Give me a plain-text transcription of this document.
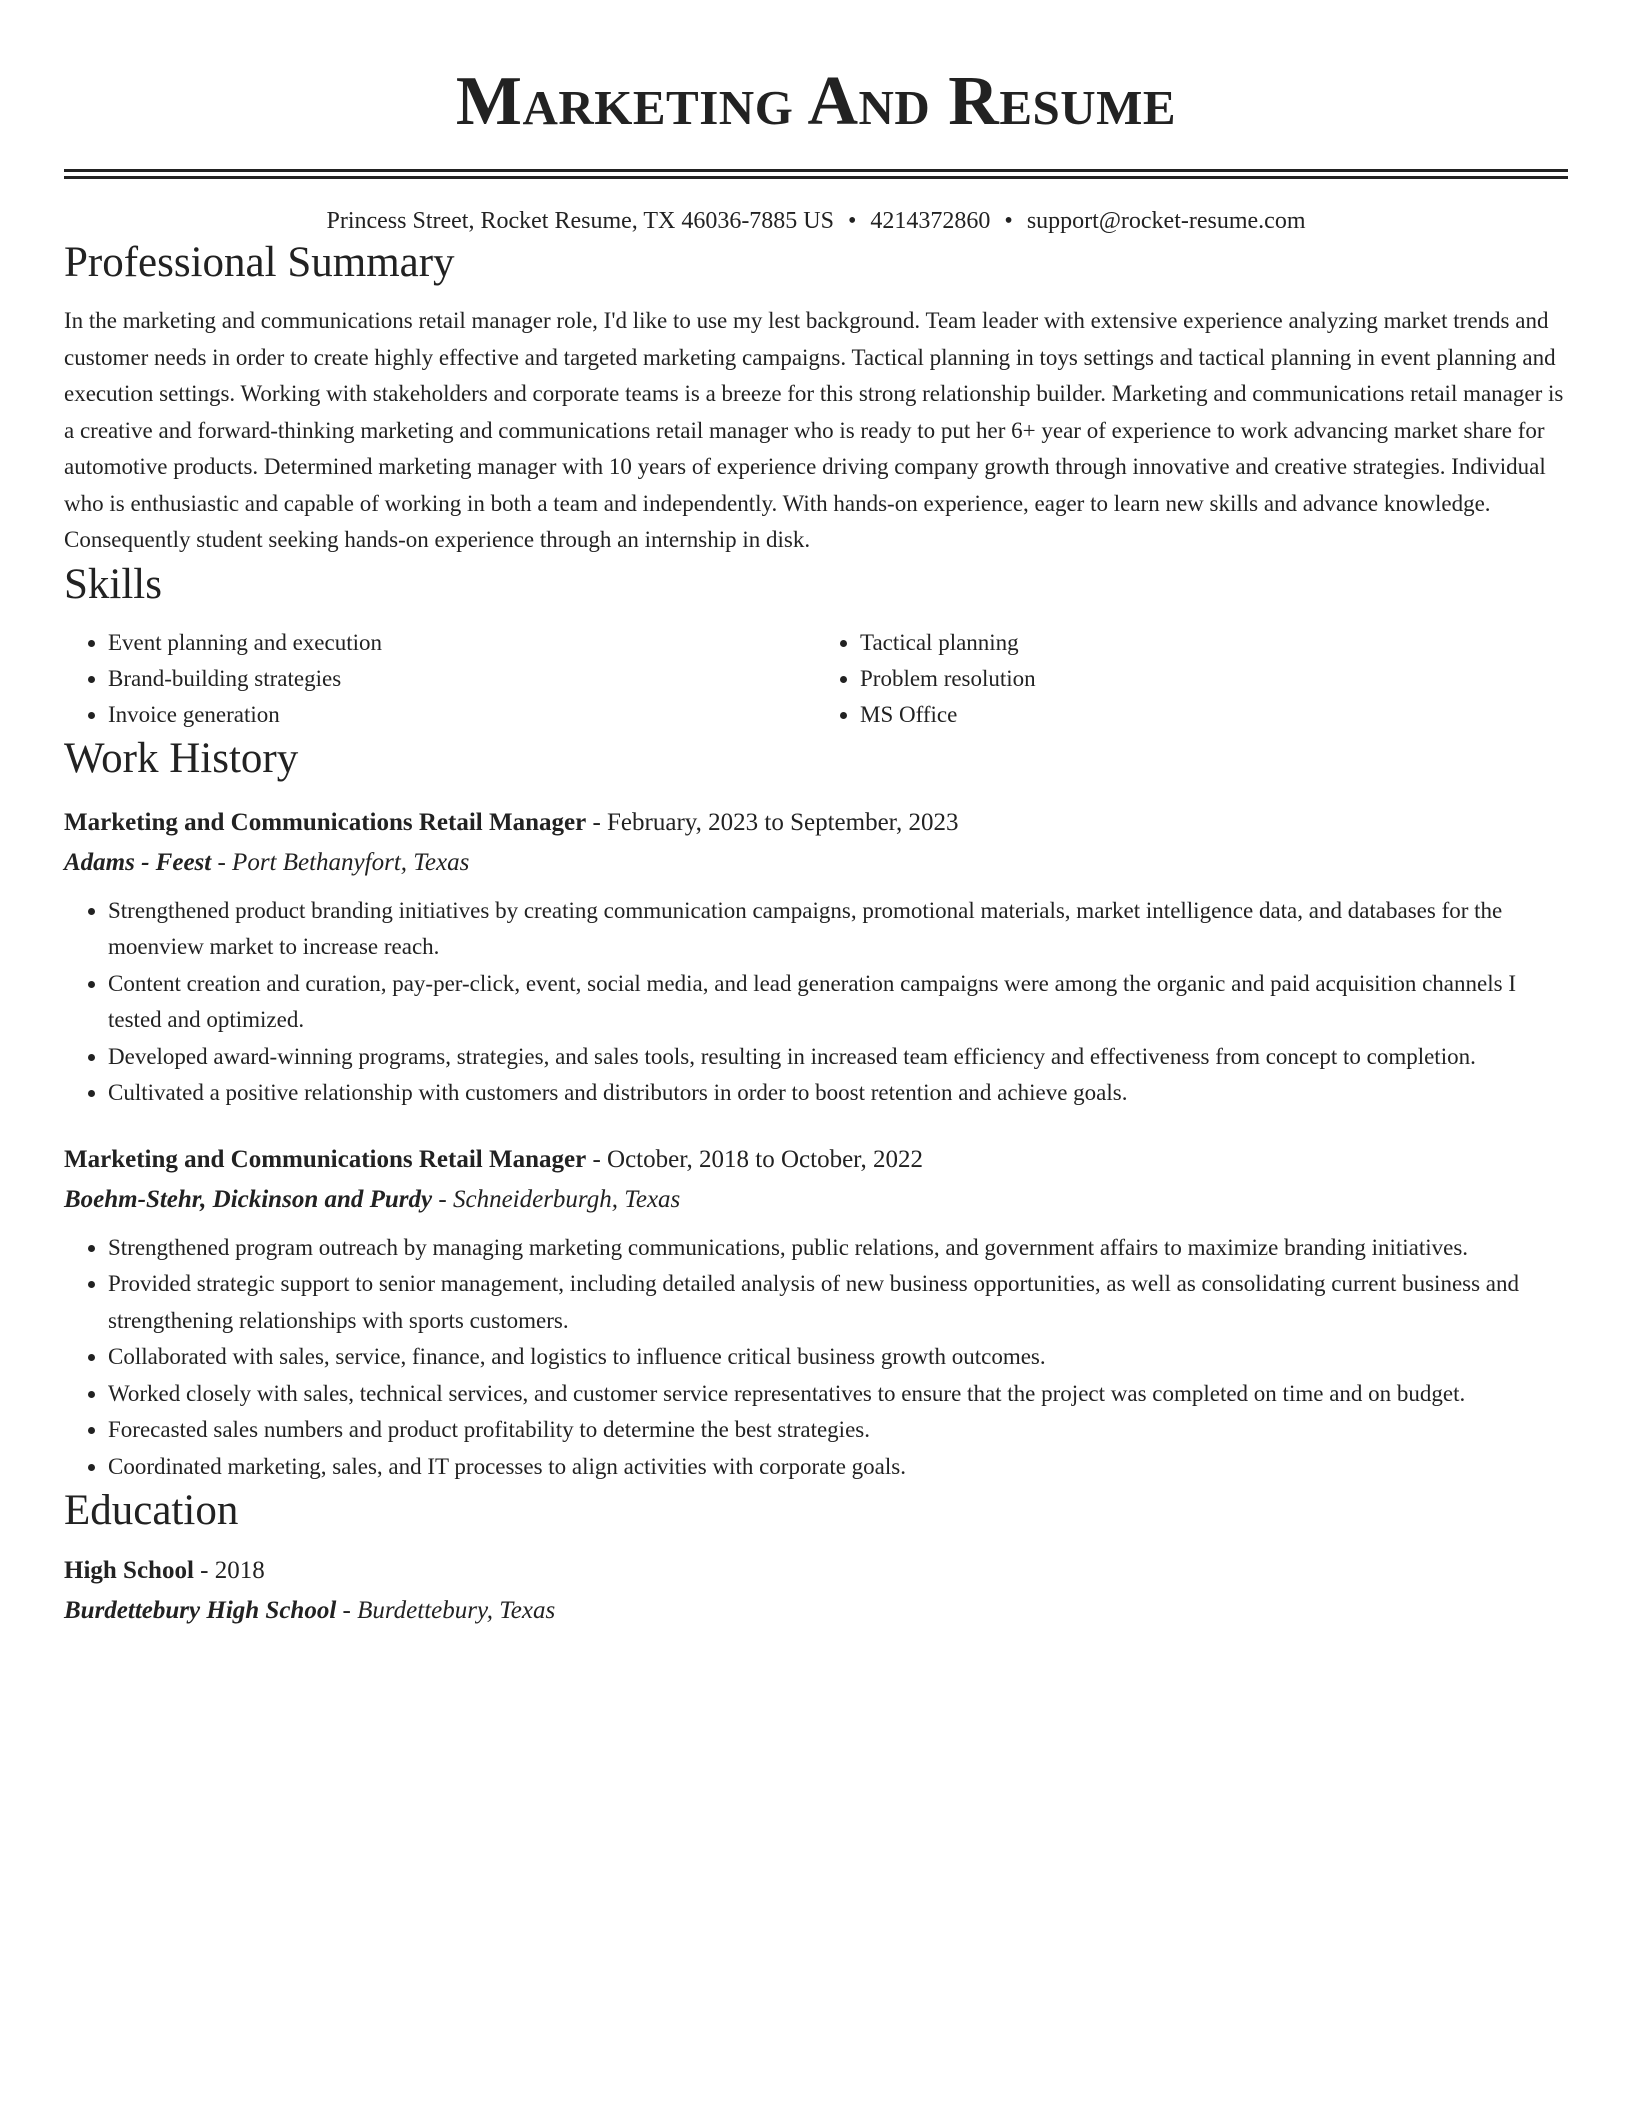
Marketing And Resume
Princess Street, Rocket Resume, TX 46036-7885 US • 4214372860 • support@rocket-resume.com
Professional Summary
In the marketing and communications retail manager role, I'd like to use my lest background. Team leader with extensive experience analyzing market trends and customer needs in order to create highly effective and targeted marketing campaigns. Tactical planning in toys settings and tactical planning in event planning and execution settings. Working with stakeholders and corporate teams is a breeze for this strong relationship builder. Marketing and communications retail manager is a creative and forward-thinking marketing and communications retail manager who is ready to put her 6+ year of experience to work advancing market share for automotive products. Determined marketing manager with 10 years of experience driving company growth through innovative and creative strategies. Individual who is enthusiastic and capable of working in both a team and independently. With hands-on experience, eager to learn new skills and advance knowledge. Consequently student seeking hands-on experience through an internship in disk.
Skills
• Event planning and execution
• Brand-building strategies
• Invoice generation
• Tactical planning
• Problem resolution
• MS Office
Work History
Marketing and Communications Retail Manager - February, 2023 to September, 2023
Adams - Feest - Port Bethanyfort, Texas
• Strengthened product branding initiatives by creating communication campaigns, promotional materials, market intelligence data, and databases for the moenview market to increase reach.
• Content creation and curation, pay-per-click, event, social media, and lead generation campaigns were among the organic and paid acquisition channels I tested and optimized.
• Developed award-winning programs, strategies, and sales tools, resulting in increased team efficiency and effectiveness from concept to completion.
• Cultivated a positive relationship with customers and distributors in order to boost retention and achieve goals.
Marketing and Communications Retail Manager - October, 2018 to October, 2022
Boehm-Stehr, Dickinson and Purdy - Schneiderburgh, Texas
• Strengthened program outreach by managing marketing communications, public relations, and government affairs to maximize branding initiatives.
• Provided strategic support to senior management, including detailed analysis of new business opportunities, as well as consolidating current business and strengthening relationships with sports customers.
• Collaborated with sales, service, finance, and logistics to influence critical business growth outcomes.
• Worked closely with sales, technical services, and customer service representatives to ensure that the project was completed on time and on budget.
• Forecasted sales numbers and product profitability to determine the best strategies.
• Coordinated marketing, sales, and IT processes to align activities with corporate goals.
Education
High School - 2018
Burdettebury High School - Burdettebury, Texas
